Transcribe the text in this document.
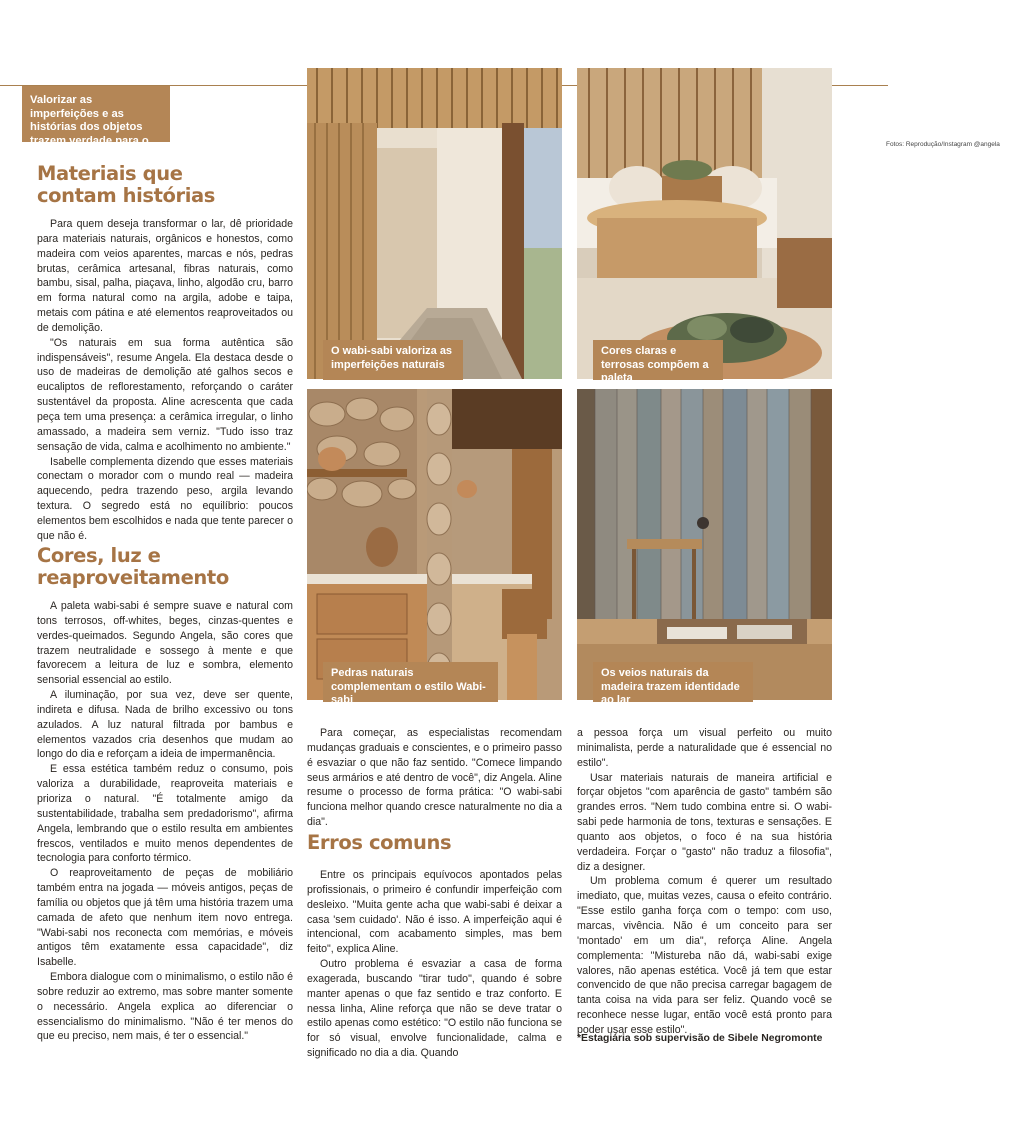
Valorizar as imperfeições e as histórias dos objetos trazem verdade para o lar
Fotos: Reprodução/Instagram @angela
O wabi-sabi valoriza as imperfeições naturais
Cores claras e terrosas compõem a paleta
Pedras naturais complementam o estilo Wabi-sabi
Os veios naturais da madeira trazem identidade ao lar
Materiais que contam histórias

Para quem deseja transformar o lar, dê prioridade para materiais naturais, orgânicos e honestos, como madeira com veios aparentes, marcas e nós, pedras brutas, cerâmica artesanal, fibras naturais, como bambu, sisal, palha, piaçava, linho, algodão cru, barro em forma natural como na argila, adobe e taipa, metais com pátina e até elementos reaproveitados ou de demolição.

"Os naturais em sua forma autêntica são indispensáveis", resume Angela. Ela destaca desde o uso de madeiras de demolição até galhos secos e eucaliptos de reflorestamento, reforçando o caráter sustentável da proposta. Aline acrescenta que cada peça tem uma presença: a cerâmica irregular, o linho amassado, a madeira sem verniz. "Tudo isso traz sensação de vida, calma e acolhimento no ambiente."

Isabelle complementa dizendo que esses materiais conectam o morador com o mundo real — madeira aquecendo, pedra trazendo peso, argila levando textura. O segredo está no equilíbrio: poucos elementos bem escolhidos e nada que tente parecer o que não é.

Cores, luz e reaproveitamento

A paleta wabi-sabi é sempre suave e natural com tons terrosos, off-whites, beges, cinzas-quentes e verdes-queimados. Segundo Angela, são cores que trazem neutralidade e sossego à mente e que favorecem a leitura de luz e sombra, elemento sensorial essencial ao estilo.

A iluminação, por sua vez, deve ser quente, indireta e difusa. Nada de brilho excessivo ou tons azulados. A luz natural filtrada por bambus e elementos vazados cria desenhos que mudam ao longo do dia e reforçam a ideia de impermanência.

E essa estética também reduz o consumo, pois valoriza a durabilidade, reaproveita materiais e prioriza o natural. "É totalmente amigo da sustentabilidade, trabalha sem predadorismo", afirma Angela, lembrando que o estilo resulta em ambientes frescos, ventilados e muito menos dependentes de tecnologia para conforto térmico.

O reaproveitamento de peças de mobiliário também entra na jogada — móveis antigos, peças de família ou objetos que já têm uma história trazem uma camada de afeto que nenhum item novo entrega. "Wabi-sabi nos reconecta com memórias, e móveis antigos têm exatamente essa capacidade", diz Isabelle.

Embora dialogue com o minimalismo, o estilo não é sobre reduzir ao extremo, mas sobre manter somente o necessário. Angela explica ao diferenciar o essencialismo do minimalismo. "Não é ter menos do que eu preciso, nem mais, é ter o essencial."

Para começar, as especialistas recomendam mudanças graduais e conscientes, e o primeiro passo é esvaziar o que não faz sentido. "Comece limpando seus armários e até dentro de você", diz Angela. Aline resume o processo de forma prática: "O wabi-sabi funciona melhor quando cresce naturalmente no dia a dia".

Erros comuns

Entre os principais equívocos apontados pelas profissionais, o primeiro é confundir imperfeição com desleixo. "Muita gente acha que wabi-sabi é deixar a casa 'sem cuidado'. Não é isso. A imperfeição aqui é intencional, com acabamento simples, mas bem feito", explica Aline.

Outro problema é esvaziar a casa de forma exagerada, buscando "tirar tudo", quando é sobre manter apenas o que faz sentido e traz conforto. E nessa linha, Aline reforça que não se deve tratar o estilo apenas como estético: "O estilo não funciona se for só visual, envolve funcionalidade, calma e significado no dia a dia. Quando

a pessoa força um visual perfeito ou muito minimalista, perde a naturalidade que é essencial no estilo".

Usar materiais naturais de maneira artificial e forçar objetos "com aparência de gasto" também são grandes erros. "Nem tudo combina entre si. O wabi-sabi pede harmonia de tons, texturas e sensações. E quanto aos objetos, o foco é na sua história verdadeira. Forçar o "gasto" não traduz a filosofia", diz a designer.

Um problema comum é querer um resultado imediato, que, muitas vezes, causa o efeito contrário. "Esse estilo ganha força com o tempo: com uso, marcas, vivência. Não é um conceito para ser 'montado' em um dia", reforça Aline. Angela complementa: "Mistureba não dá, wabi-sabi exige valores, não apenas estética. Você já tem que estar convencido de que não precisa carregar bagagem de tanta coisa na vida para ser feliz. Quando você se reconhece nesse lugar, então você está pronto para poder usar esse estilo".

*Estagiária sob supervisão de Sibele Negromonte
